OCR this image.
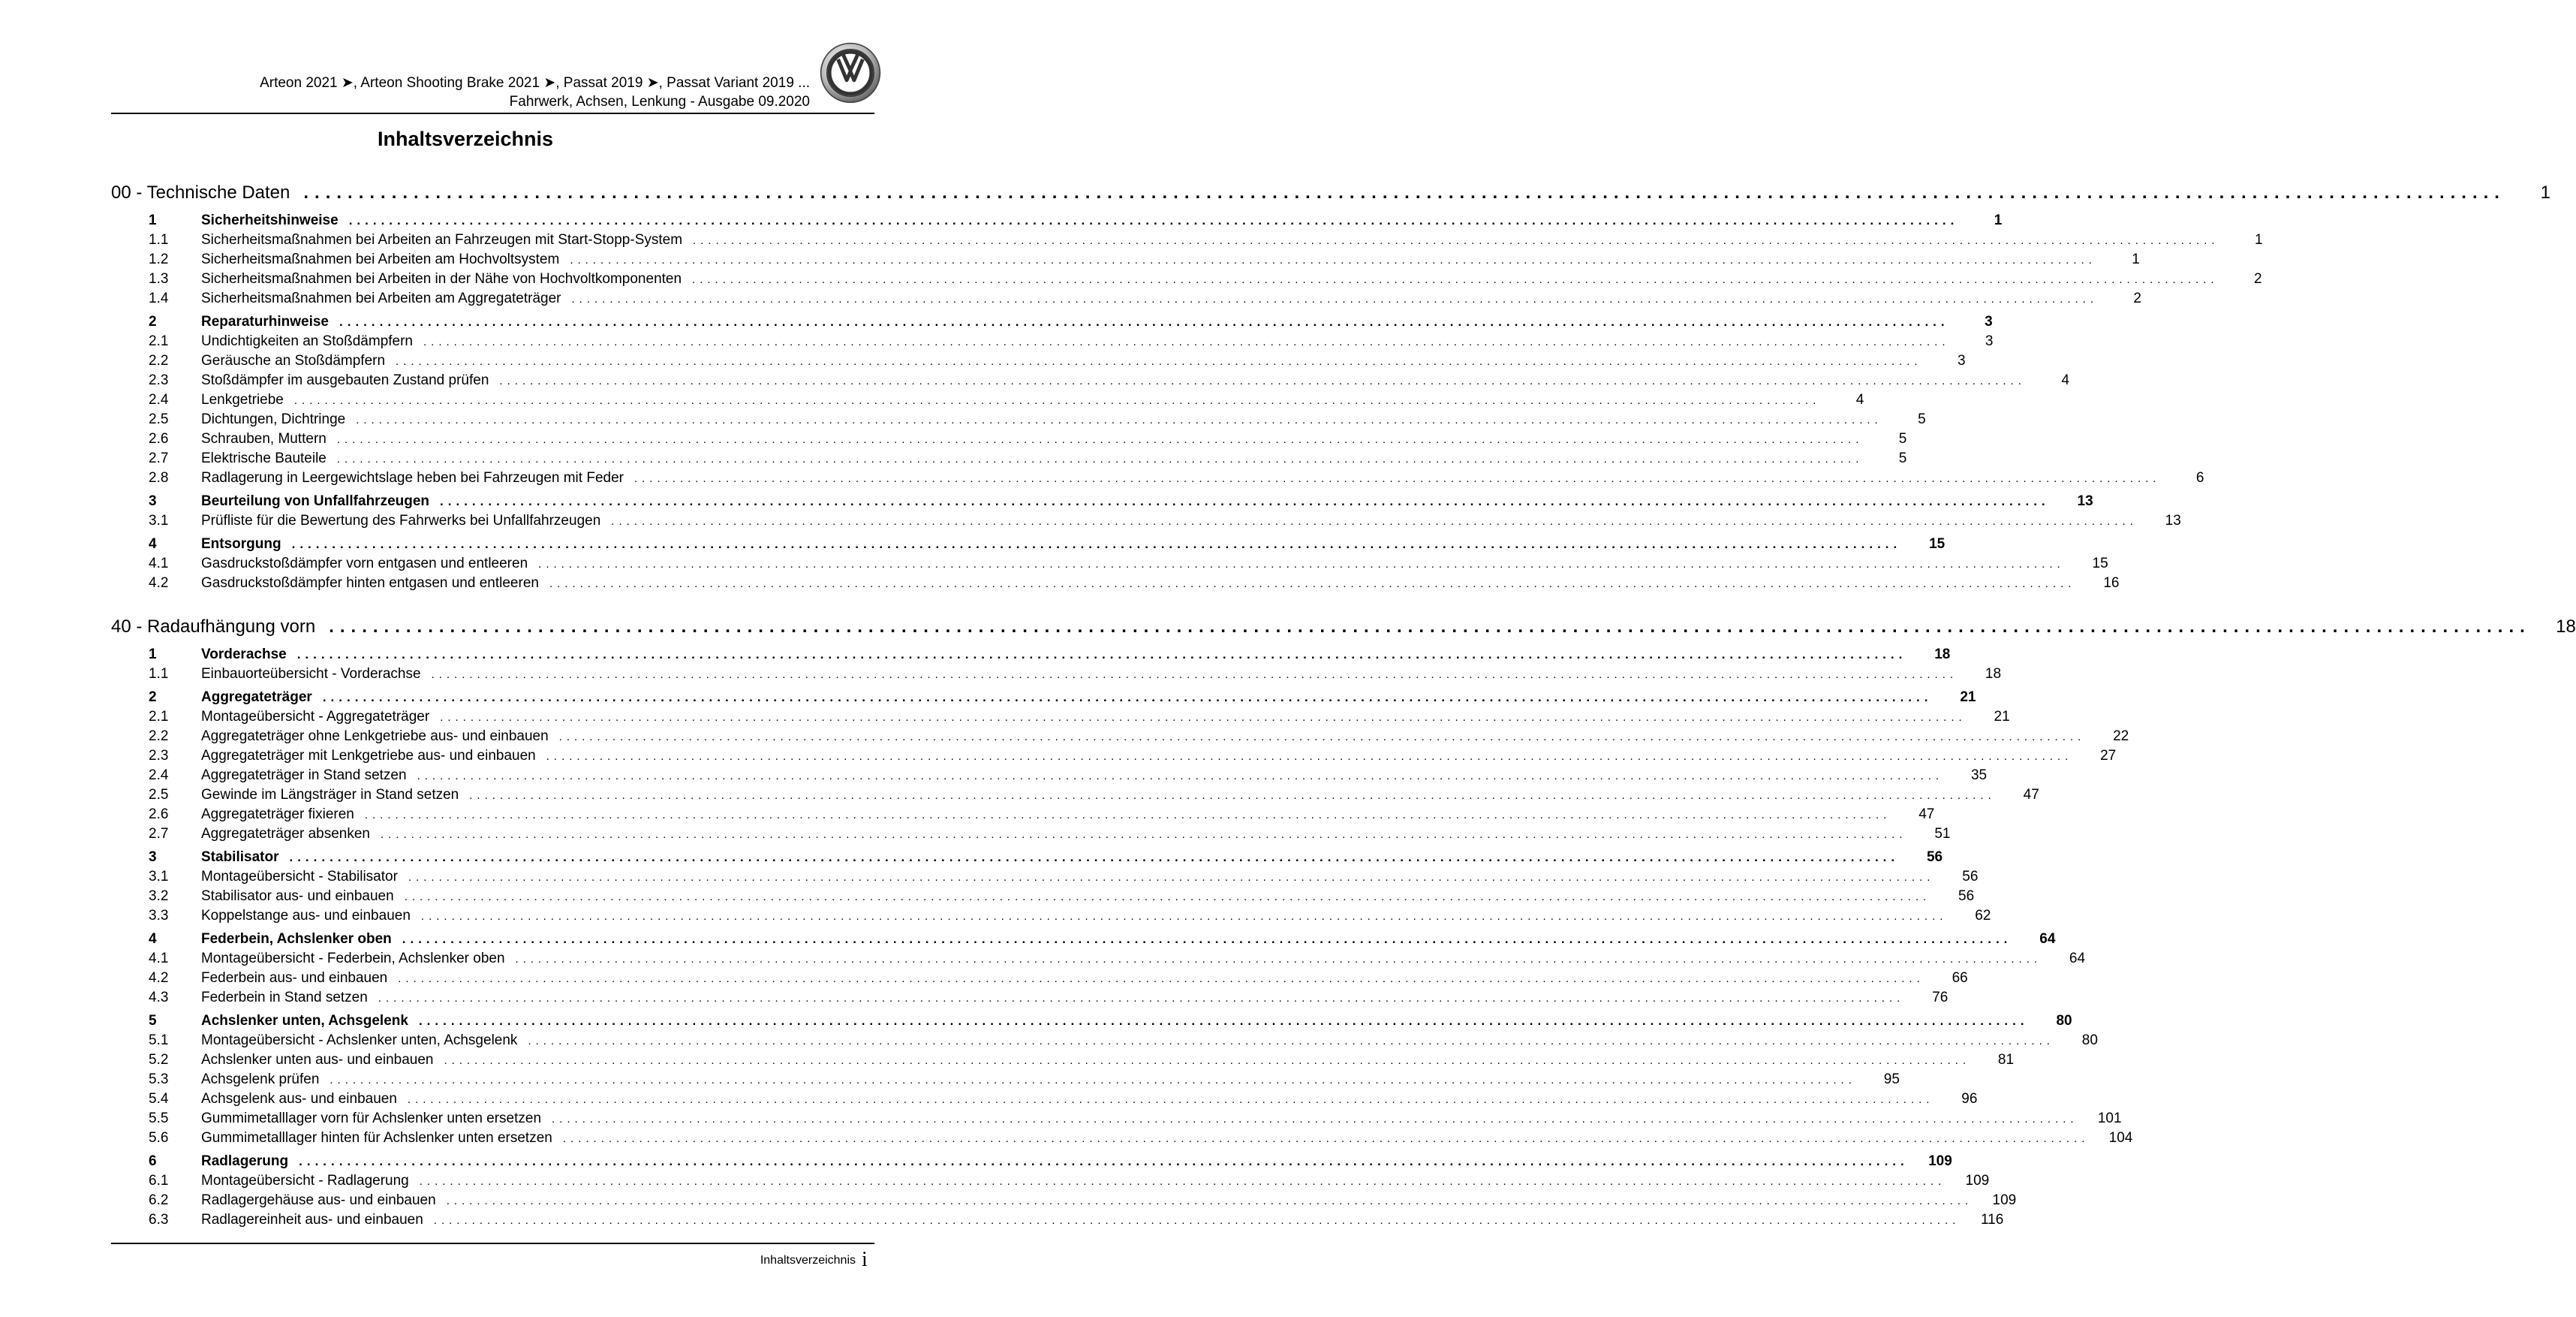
Arteon 2021 ➤, Arteon Shooting Brake 2021 ➤, Passat 2019 ➤, Passat Variant 2019 ...
Fahrwerk, Achsen, Lenkung - Ausgabe 09.2020
Inhaltsverzeichnis
00 - Technische Daten ........................................................................................................................................................................................................	1
1	Sicherheitshinweise ........................................................................................................................................................................................................	1
1.1	Sicherheitsmaßnahmen bei Arbeiten an Fahrzeugen mit Start-Stopp-System ........................................................................................................................................................................................................	1
1.2	Sicherheitsmaßnahmen bei Arbeiten am Hochvoltsystem ........................................................................................................................................................................................................	1
1.3	Sicherheitsmaßnahmen bei Arbeiten in der Nähe von Hochvoltkomponenten ........................................................................................................................................................................................................	2
1.4	Sicherheitsmaßnahmen bei Arbeiten am Aggregateträger ........................................................................................................................................................................................................	2
2	Reparaturhinweise ........................................................................................................................................................................................................	3
2.1	Undichtigkeiten an Stoßdämpfern ........................................................................................................................................................................................................	3
2.2	Geräusche an Stoßdämpfern ........................................................................................................................................................................................................	3
2.3	Stoßdämpfer im ausgebauten Zustand prüfen ........................................................................................................................................................................................................	4
2.4	Lenkgetriebe ........................................................................................................................................................................................................	4
2.5	Dichtungen, Dichtringe ........................................................................................................................................................................................................	5
2.6	Schrauben, Muttern ........................................................................................................................................................................................................	5
2.7	Elektrische Bauteile ........................................................................................................................................................................................................	5
2.8	Radlagerung in Leergewichtslage heben bei Fahrzeugen mit Feder ........................................................................................................................................................................................................	6
3	Beurteilung von Unfallfahrzeugen ........................................................................................................................................................................................................	13
3.1	Prüfliste für die Bewertung des Fahrwerks bei Unfallfahrzeugen ........................................................................................................................................................................................................	13
4	Entsorgung ........................................................................................................................................................................................................	15
4.1	Gasdruckstoßdämpfer vorn entgasen und entleeren ........................................................................................................................................................................................................	15
4.2	Gasdruckstoßdämpfer hinten entgasen und entleeren ........................................................................................................................................................................................................	16
40 - Radaufhängung vorn ........................................................................................................................................................................................................	18
1	Vorderachse ........................................................................................................................................................................................................	18
1.1	Einbauorteübersicht - Vorderachse ........................................................................................................................................................................................................	18
2	Aggregateträger ........................................................................................................................................................................................................	21
2.1	Montageübersicht - Aggregateträger ........................................................................................................................................................................................................	21
2.2	Aggregateträger ohne Lenkgetriebe aus- und einbauen ........................................................................................................................................................................................................	22
2.3	Aggregateträger mit Lenkgetriebe aus- und einbauen ........................................................................................................................................................................................................	27
2.4	Aggregateträger in Stand setzen ........................................................................................................................................................................................................	35
2.5	Gewinde im Längsträger in Stand setzen ........................................................................................................................................................................................................	47
2.6	Aggregateträger fixieren ........................................................................................................................................................................................................	47
2.7	Aggregateträger absenken ........................................................................................................................................................................................................	51
3	Stabilisator ........................................................................................................................................................................................................	56
3.1	Montageübersicht - Stabilisator ........................................................................................................................................................................................................	56
3.2	Stabilisator aus- und einbauen ........................................................................................................................................................................................................	56
3.3	Koppelstange aus- und einbauen ........................................................................................................................................................................................................	62
4	Federbein, Achslenker oben ........................................................................................................................................................................................................	64
4.1	Montageübersicht - Federbein, Achslenker oben ........................................................................................................................................................................................................	64
4.2	Federbein aus- und einbauen ........................................................................................................................................................................................................	66
4.3	Federbein in Stand setzen ........................................................................................................................................................................................................	76
5	Achslenker unten, Achsgelenk ........................................................................................................................................................................................................	80
5.1	Montageübersicht - Achslenker unten, Achsgelenk ........................................................................................................................................................................................................	80
5.2	Achslenker unten aus- und einbauen ........................................................................................................................................................................................................	81
5.3	Achsgelenk prüfen ........................................................................................................................................................................................................	95
5.4	Achsgelenk aus- und einbauen ........................................................................................................................................................................................................	96
5.5	Gummimetalllager vorn für Achslenker unten ersetzen ........................................................................................................................................................................................................	101
5.6	Gummimetalllager hinten für Achslenker unten ersetzen ........................................................................................................................................................................................................	104
6	Radlagerung ........................................................................................................................................................................................................	109
6.1	Montageübersicht - Radlagerung ........................................................................................................................................................................................................	109
6.2	Radlagergehäuse aus- und einbauen ........................................................................................................................................................................................................	109
6.3	Radlagereinheit aus- und einbauen ........................................................................................................................................................................................................	116
Inhaltsverzeichnis i
